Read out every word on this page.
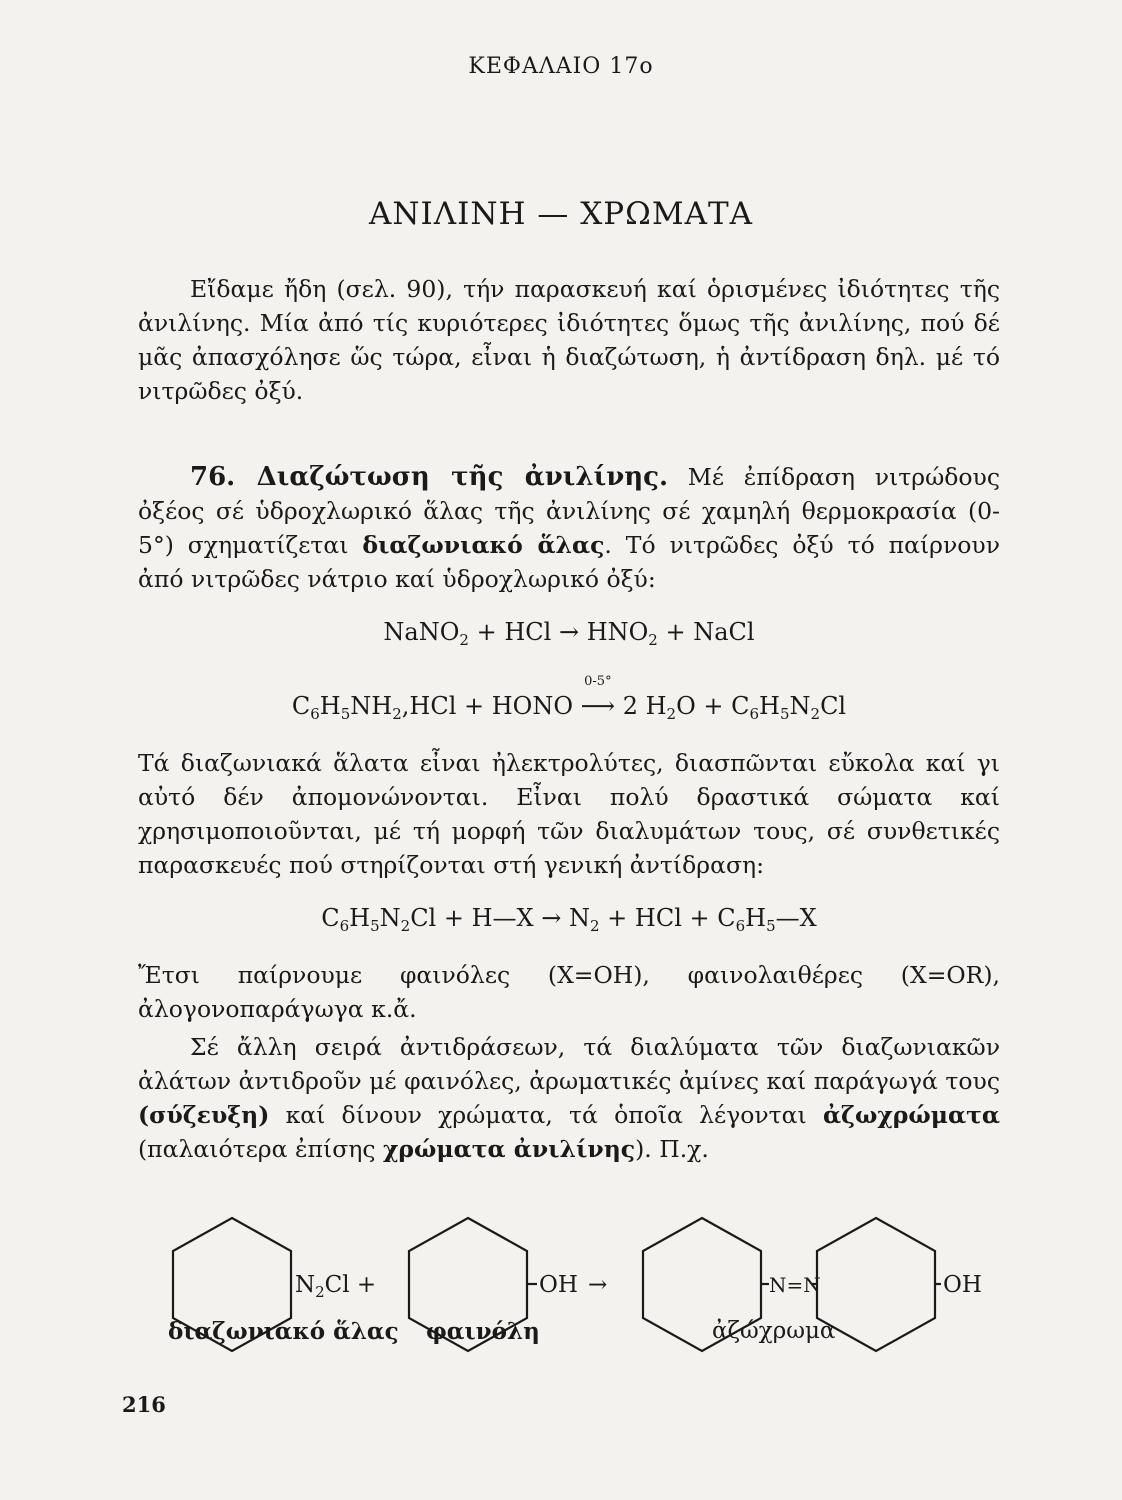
ΚΕΦΑΛΑΙΟ 17ο
ΑΝΙΛΙΝΗ — ΧΡΩΜΑΤΑ

Εἴδαμε ἤδη (σελ. 90), τήν παρασκευή καί ὁρισμένες ἰδιότητες τῆς ἀνιλίνης. Μία ἀπό τίς κυριότερες ἰδιότητες ὅμως τῆς ἀνιλίνης, πού δέ μᾶς ἀπασχόλησε ὥς τώρα, εἶναι ἡ διαζώτωση, ἡ ἀντίδραση δηλ. μέ τό νιτρῶδες ὀξύ.

76. Διαζώτωση τῆς ἀνιλίνης. Μέ ἐπίδραση νιτρώδους ὀξέος σέ ὑδροχλωρικό ἅλας τῆς ἀνιλίνης σέ χαμηλή θερμοκρασία (0-5°) σχηματίζεται διαζωνιακό ἅλας. Τό νιτρῶδες ὀξύ τό παίρνουν ἀπό νιτρῶδες νάτριο καί ὑδροχλωρικό ὀξύ:

NaNO$_2$ + HCl → $HNO_2$ + NaCl
$C_6H_5NH_2,HCl$ + HONO
0-5°
⟶ 2 $H_2O + C_6H_5N_2Cl$

Τά διαζωνιακά ἅλατα εἶναι ἠλεκτρολύτες, διασπῶνται εὔκολα καί γι αὐτό δέν ἀπομονώνονται. Εἶναι πολύ δραστικά σώματα καί χρησιμοποιοῦνται, μέ τή μορφή τῶν διαλυμάτων τους, σέ συνθετικές παρασκευές πού στηρίζονται στή γενική ἀντίδραση:

$C_6H_5N_2Cl$ + H—X → $N_2$ + HCl + $C_6H_5—X$

Ἔτσι παίρνουμε φαινόλες (X=OH), φαινολαιθέρες (X=OR), ἀλογονοπαράγωγα κ.ἄ.

Σέ ἄλλη σειρά ἀντιδράσεων, τά διαλύματα τῶν διαζωνιακῶν ἀλάτων ἀντιδροῦν μέ φαινόλες, ἀρωματικές ἀμίνες καί παράγωγά τους (σύζευξη) καί δίνουν χρώματα, τά ὁποῖα λέγονται ἀζωχρώματα (παλαιότερα ἐπίσης χρώματα ἀνιλίνης). Π.χ.

$N_2Cl$ +	OH →	N=N	OH
διαζωνιακό ἅλας φαινόλη	ἀζώχρωμα
216
